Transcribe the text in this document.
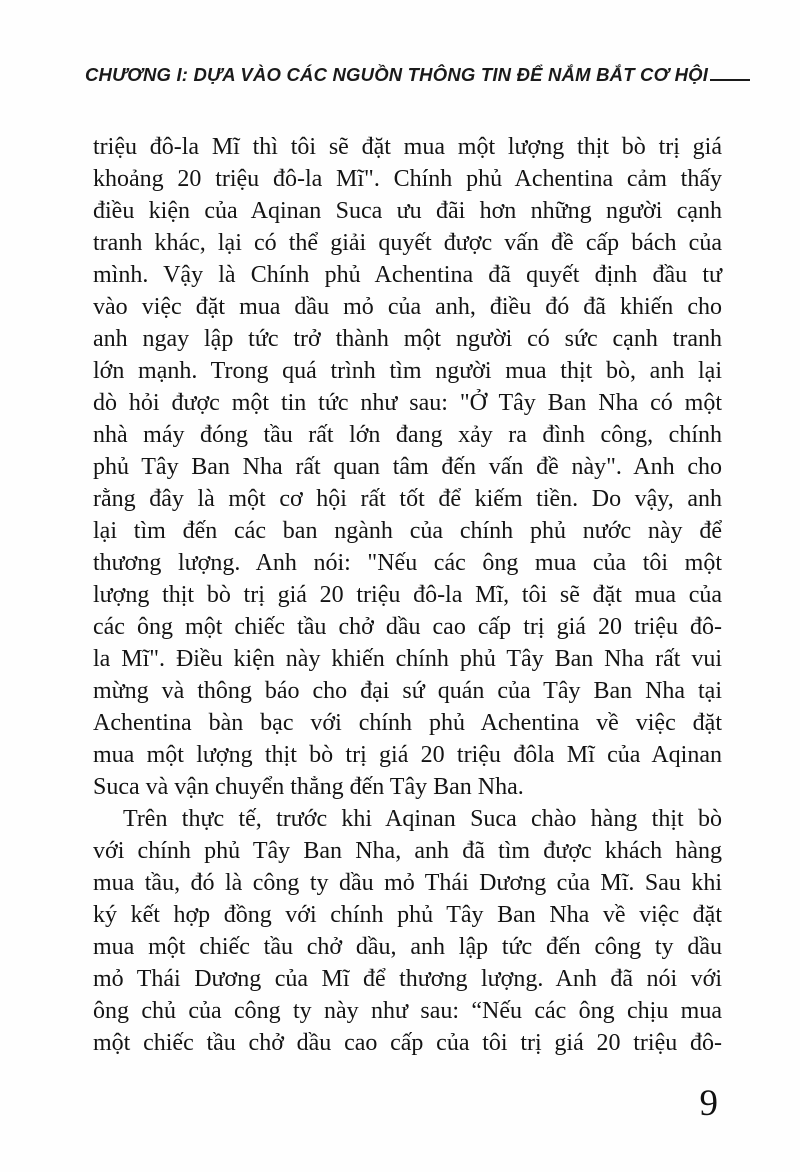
CHƯƠNG I: DỰA VÀO CÁC NGUỒN THÔNG TIN ĐỂ NẮM BẮT CƠ HỘI
triệu đô-la Mĩ thì tôi sẽ đặt mua một lượng thịt bò trị giá
khoảng 20 triệu đô-la Mĩ". Chính phủ Achentina cảm thấy
điều kiện của Aqinan Suca ưu đãi hơn những người cạnh
tranh khác, lại có thể giải quyết được vấn đề cấp bách của
mình. Vậy là Chính phủ Achentina đã quyết định đầu tư
vào việc đặt mua dầu mỏ của anh, điều đó đã khiến cho
anh ngay lập tức trở thành một người có sức cạnh tranh
lớn mạnh. Trong quá trình tìm người mua thịt bò, anh lại
dò hỏi được một tin tức như sau: "Ở Tây Ban Nha có một
nhà máy đóng tầu rất lớn đang xảy ra đình công, chính
phủ Tây Ban Nha rất quan tâm đến vấn đề này". Anh cho
rằng đây là một cơ hội rất tốt để kiếm tiền. Do vậy, anh
lại tìm đến các ban ngành của chính phủ nước này để
thương lượng. Anh nói: "Nếu các ông mua của tôi một
lượng thịt bò trị giá 20 triệu đô-la Mĩ, tôi sẽ đặt mua của
các ông một chiếc tầu chở dầu cao cấp trị giá 20 triệu đô-
la Mĩ". Điều kiện này khiến chính phủ Tây Ban Nha rất vui
mừng và thông báo cho đại sứ quán của Tây Ban Nha tại
Achentina bàn bạc với chính phủ Achentina về việc đặt
mua một lượng thịt bò trị giá 20 triệu đôla Mĩ của Aqinan
Suca và vận chuyển thẳng đến Tây Ban Nha.
Trên thực tế, trước khi Aqinan Suca chào hàng thịt bò
với chính phủ Tây Ban Nha, anh đã tìm được khách hàng
mua tầu, đó là công ty dầu mỏ Thái Dương của Mĩ. Sau khi
ký kết hợp đồng với chính phủ Tây Ban Nha về việc đặt
mua một chiếc tầu chở dầu, anh lập tức đến công ty dầu
mỏ Thái Dương của Mĩ để thương lượng. Anh đã nói với
ông chủ của công ty này như sau: “Nếu các ông chịu mua
một chiếc tầu chở dầu cao cấp của tôi trị giá 20 triệu đô-
9
